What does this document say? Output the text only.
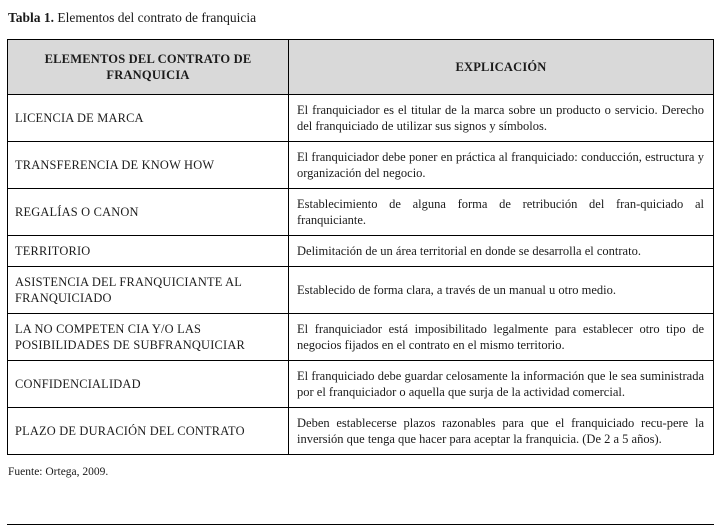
Tabla 1. Elementos del contrato de franquicia

ELEMENTOS DEL CONTRATO DE FRANQUICIA	EXPLICACIÓN
LICENCIA DE MARCA	El franquiciador es el titular de la marca sobre un producto o servicio. Derecho del franquiciado de utilizar sus signos y símbolos.
TRANSFERENCIA DE KNOW HOW	El franquiciador debe poner en práctica al franquiciado: conducción, estructura y organización del negocio.
REGALÍAS O CANON	Establecimiento de alguna forma de retribución del fran-quiciado al franquiciante.
TERRITORIO	Delimitación de un área territorial en donde se desarrolla el contrato.
ASISTENCIA DEL FRANQUICIANTE AL FRANQUICIADO	Establecido de forma clara, a través de un manual u otro medio.
LA NO COMPETEN CIA Y/O LAS POSIBILIDADES DE SUBFRANQUICIAR	El franquiciador está imposibilitado legalmente para establecer otro tipo de negocios fijados en el contrato en el mismo territorio.
CONFIDENCIALIDAD	El franquiciado debe guardar celosamente la información que le sea suministrada por el franquiciador o aquella que surja de la actividad comercial.
PLAZO DE DURACIÓN DEL CONTRATO	Deben establecerse plazos razonables para que el franquiciado recu-pere la inversión que tenga que hacer para aceptar la franquicia. (De 2 a 5 años).

Fuente: Ortega, 2009.
